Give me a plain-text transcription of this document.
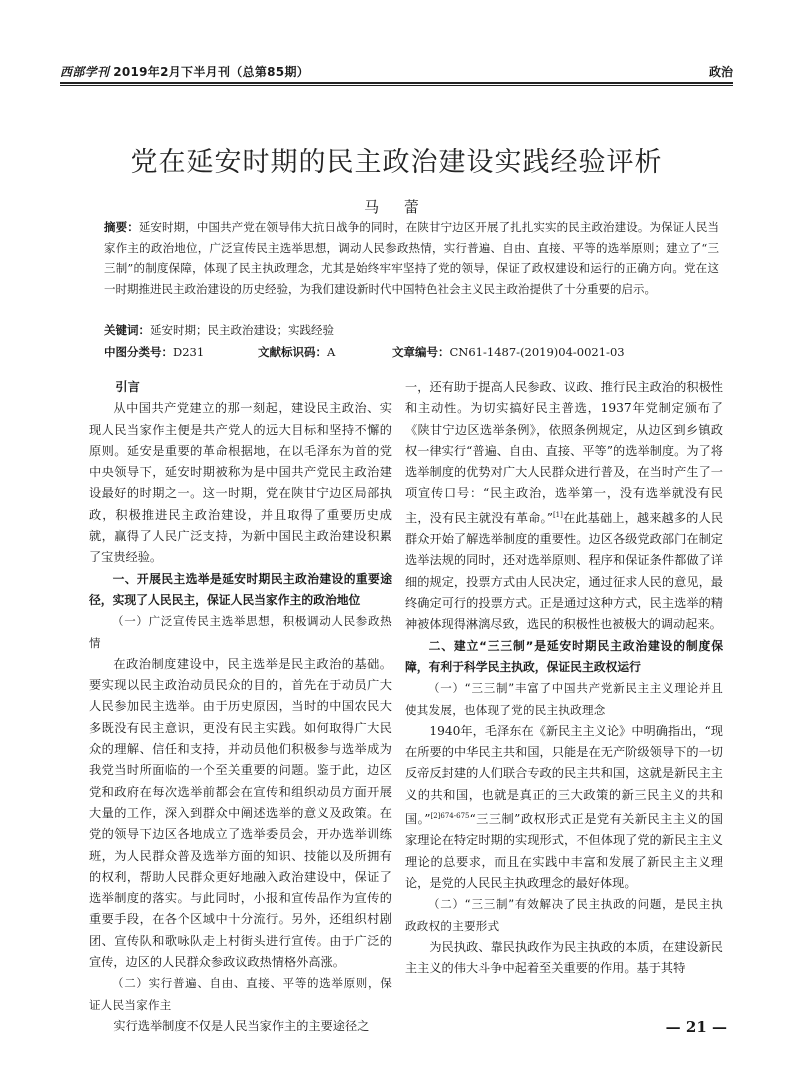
西部学刊 2019年2月下半月刊（总第85期）	政治
党在延安时期的民主政治建设实践经验评析
马 蕾
摘要：延安时期，中国共产党在领导伟大抗日战争的同时，在陕甘宁边区开展了扎扎实实的民主政治建设。为保证人民当家作主的政治地位，广泛宣传民主选举思想，调动人民参政热情，实行普遍、自由、直接、平等的选举原则；建立了“三三制”的制度保障，体现了民主执政理念，尤其是始终牢牢坚持了党的领导，保证了政权建设和运行的正确方向。党在这一时期推进民主政治建设的历史经验，为我们建设新时代中国特色社会主义民主政治提供了十分重要的启示。
关键词：延安时期；民主政治建设；实践经验
中图分类号：D231	文献标识码：A	文章编号：CN61-1487-(2019)04-0021-03

引言

从中国共产党建立的那一刻起，建设民主政治、实现人民当家作主便是共产党人的远大目标和坚持不懈的原则。延安是重要的革命根据地，在以毛泽东为首的党中央领导下，延安时期被称为是中国共产党民主政治建设最好的时期之一。这一时期，党在陕甘宁边区局部执政，积极推进民主政治建设，并且取得了重要历史成就，赢得了人民广泛支持，为新中国民主政治建设积累了宝贵经验。

一、开展民主选举是延安时期民主政治建设的重要途径，实现了人民民主，保证人民当家作主的政治地位

（一）广泛宣传民主选举思想，积极调动人民参政热情

在政治制度建设中，民主选举是民主政治的基础。要实现以民主政治动员民众的目的，首先在于动员广大人民参加民主选举。由于历史原因，当时的中国农民大多既没有民主意识，更没有民主实践。如何取得广大民众的理解、信任和支持，并动员他们积极参与选举成为我党当时所面临的一个至关重要的问题。鉴于此，边区党和政府在每次选举前都会在宣传和组织动员方面开展大量的工作，深入到群众中阐述选举的意义及政策。在党的领导下边区各地成立了选举委员会，开办选举训练班，为人民群众普及选举方面的知识、技能以及所拥有的权利，帮助人民群众更好地融入政治建设中，保证了选举制度的落实。与此同时，小报和宣传品作为宣传的重要手段，在各个区域中十分流行。另外，还组织村剧团、宣传队和歌咏队走上村街头进行宣传。由于广泛的宣传，边区的人民群众参政议政热情格外高涨。

（二）实行普遍、自由、直接、平等的选举原则，保证人民当家作主

实行选举制度不仅是人民当家作主的主要途径之

一，还有助于提高人民参政、议政、推行民主政治的积极性和主动性。为切实搞好民主普选，1937年党制定颁布了《陕甘宁边区选举条例》，依照条例规定，从边区到乡镇政权一律实行“普遍、自由、直接、平等”的选举制度。为了将选举制度的优势对广大人民群众进行普及，在当时产生了一项宣传口号：“民主政治，选举第一，没有选举就没有民主，没有民主就没有革命。”[1]在此基础上，越来越多的人民群众开始了解选举制度的重要性。边区各级党政部门在制定选举法规的同时，还对选举原则、程序和保证条件都做了详细的规定，投票方式由人民决定，通过征求人民的意见，最终确定可行的投票方式。正是通过这种方式，民主选举的精神被体现得淋漓尽致，选民的积极性也被极大的调动起来。

二、建立“三三制”是延安时期民主政治建设的制度保障，有利于科学民主执政，保证民主政权运行

（一）“三三制”丰富了中国共产党新民主主义理论并且使其发展，也体现了党的民主执政理念

1940年，毛泽东在《新民主主义论》中明确指出，“现在所要的中华民主共和国，只能是在无产阶级领导下的一切反帝反封建的人们联合专政的民主共和国，这就是新民主主义的共和国，也就是真正的三大政策的新三民主义的共和国。”$^{[2]674-675}$“三三制”政权形式正是党有关新民主主义的国家理论在特定时期的实现形式，不但体现了党的新民主主义理论的总要求，而且在实践中丰富和发展了新民主主义理论，是党的人民民主执政理念的最好体现。

（二）“三三制”有效解决了民主执政的问题，是民主执政政权的主要形式

为民执政、靠民执政作为民主执政的本质，在建设新民主主义的伟大斗争中起着至关重要的作用。基于其特

— 21 —
